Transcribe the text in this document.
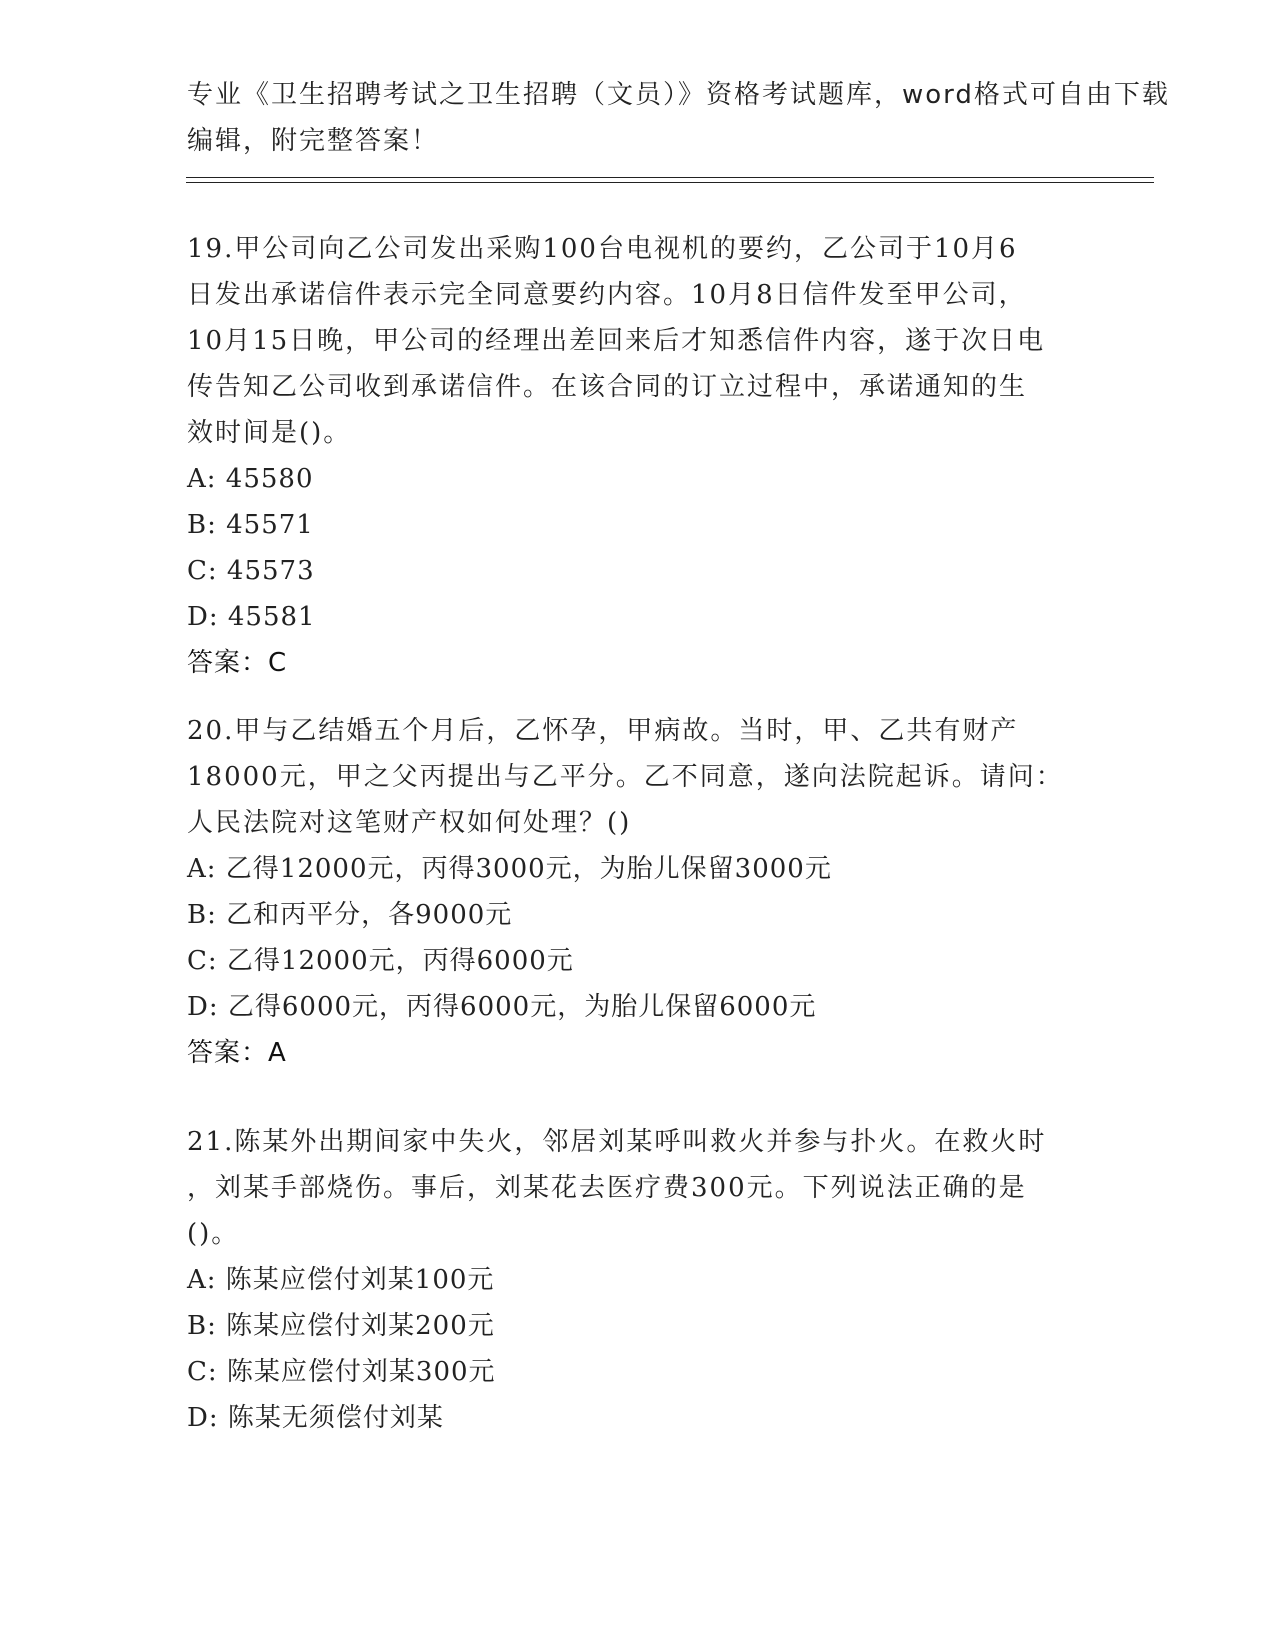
专业《卫生招聘考试之卫生招聘（文员）》资格考试题库，word格式可自由下载
编辑，附完整答案！
19.甲公司向乙公司发出采购100台电视机的要约，乙公司于10月6
日发出承诺信件表示完全同意要约内容。10月8日信件发至甲公司，
10月15日晚，甲公司的经理出差回来后才知悉信件内容，遂于次日电
传告知乙公司收到承诺信件。在该合同的订立过程中，承诺通知的生
效时间是()。
A: 45580
B: 45571
C: 45573
D: 45581
答案：C
20.甲与乙结婚五个月后，乙怀孕，甲病故。当时，甲、乙共有财产
18000元，甲之父丙提出与乙平分。乙不同意，遂向法院起诉。请问：
人民法院对这笔财产权如何处理？()
A: 乙得12000元，丙得3000元，为胎儿保留3000元
B: 乙和丙平分，各9000元
C: 乙得12000元，丙得6000元
D: 乙得6000元，丙得6000元，为胎儿保留6000元
答案：A
21.陈某外出期间家中失火，邻居刘某呼叫救火并参与扑火。在救火时
，刘某手部烧伤。事后，刘某花去医疗费300元。下列说法正确的是
()。
A: 陈某应偿付刘某100元
B: 陈某应偿付刘某200元
C: 陈某应偿付刘某300元
D: 陈某无须偿付刘某
